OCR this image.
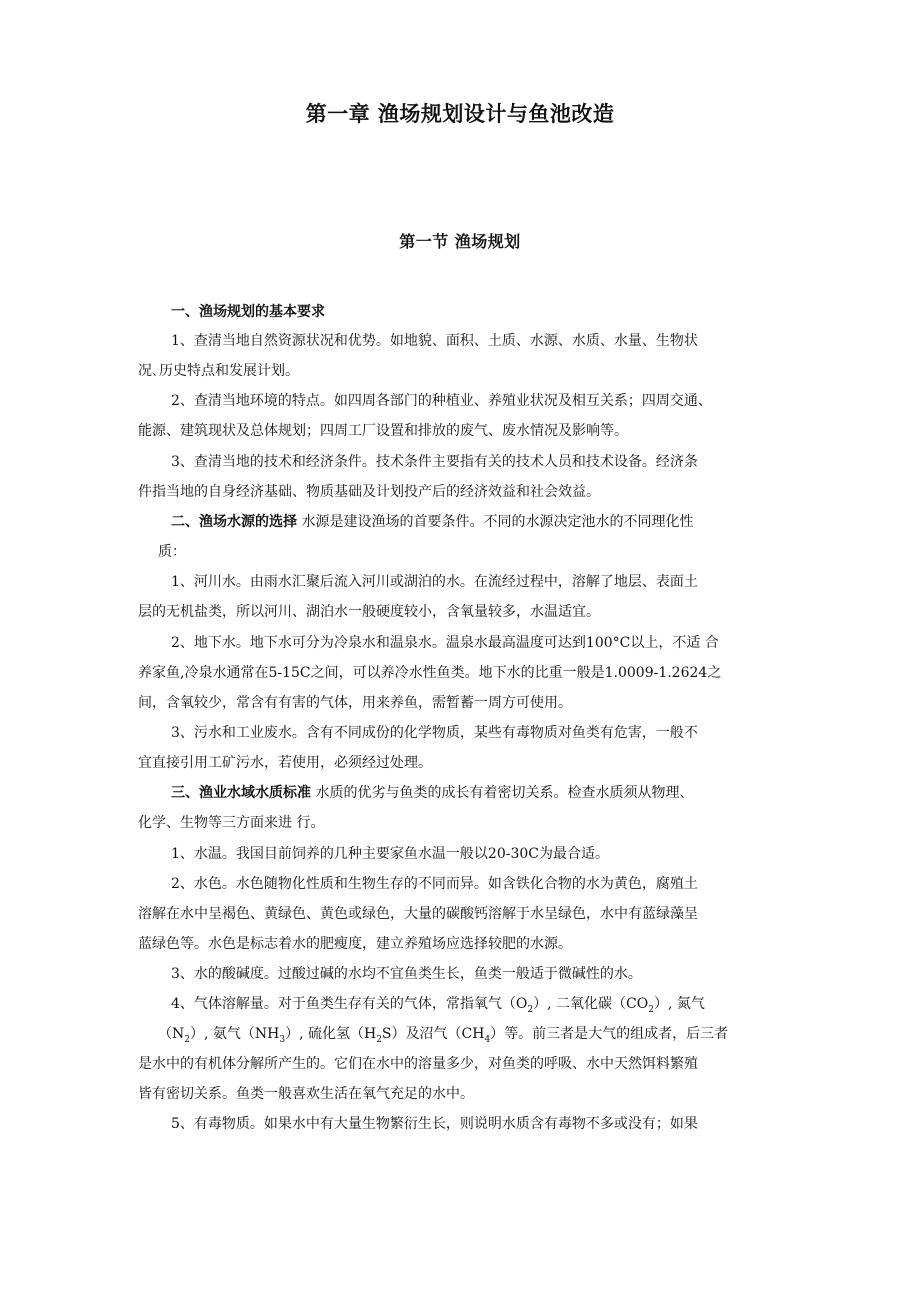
第一章 渔场规划设计与鱼池改造
第一节 渔场规划
一、渔场规划的基本要求
1、查清当地自然资源状况和优势。如地貌、面积、土质、水源、水质、水量、生物状
况､历史特点和发展计划。
2、查清当地环境的特点。如四周各部门的种植业、养殖业状况及相互关系；四周交通、
能源、建筑现状及总体规划；四周工厂设置和排放的废气、废水情况及影响等。
3、查清当地的技术和经济条件。技术条件主要指有关的技术人员和技术设备。经济条
件指当地的自身经济基础、物质基础及计划投产后的经济效益和社会效益。
二、渔场水源的选择 水源是建设渔场的首要条件。不同的水源决定池水的不同理化性
质：
1、河川水。由雨水汇聚后流入河川或湖泊的水。在流经过程中，溶解了地层、表面土
层的无机盐类，所以河川、湖泊水一般硬度较小，含氧量较多，水温适宜。
2、地下水。地下水可分为冷泉水和温泉水。温泉水最高温度可达到100°C以上，不适 合
养家鱼,冷泉水通常在5-15C之间，可以养冷水性鱼类。地下水的比重一般是1.0009-1.2624之
间，含氧较少，常含有有害的气体，用来养鱼，需暂蓄一周方可使用。
3、污水和工业废水。含有不同成份的化学物质，某些有毒物质对鱼类有危害，一般不
宜直接引用工矿污水，若使用，必须经过处理。
三、渔业水域水质标准 水质的优劣与鱼类的成长有着密切关系。检查水质须从物理、
化学、生物等三方面来进 行。
1、水温。我国目前饲养的几种主要家鱼水温一般以20-30C为最合适。
2、水色。水色随物化性质和生物生存的不同而异。如含铁化合物的水为黄色，腐殖土
溶解在水中呈褐色、黄绿色、黄色或绿色，大量的碳酸钙溶解于水呈绿色，水中有蓝绿藻呈
蓝绿色等。水色是标志着水的肥瘦度，建立养殖场应选择较肥的水源。
3、水的酸碱度。过酸过碱的水均不宜鱼类生长，鱼类一般适于微碱性的水。
4、气体溶解量。对于鱼类生存有关的气体，常指氧气$(O_2)$, 二氧化碳$(CO_2)$, 氮气
$(N_2)$, 氨气$(NH_3)$, 硫化氢$(H_2S)$及沼气$(CH_4)$等。前三者是大气的组成者，后三者
是水中的有机体分解所产生的。它们在水中的溶量多少，对鱼类的呼吸、水中天然饵料繁殖
皆有密切关系。鱼类一般喜欢生活在氧气充足的水中。
5、有毒物质。如果水中有大量生物繁衍生长，则说明水质含有毒物不多或没有；如果
